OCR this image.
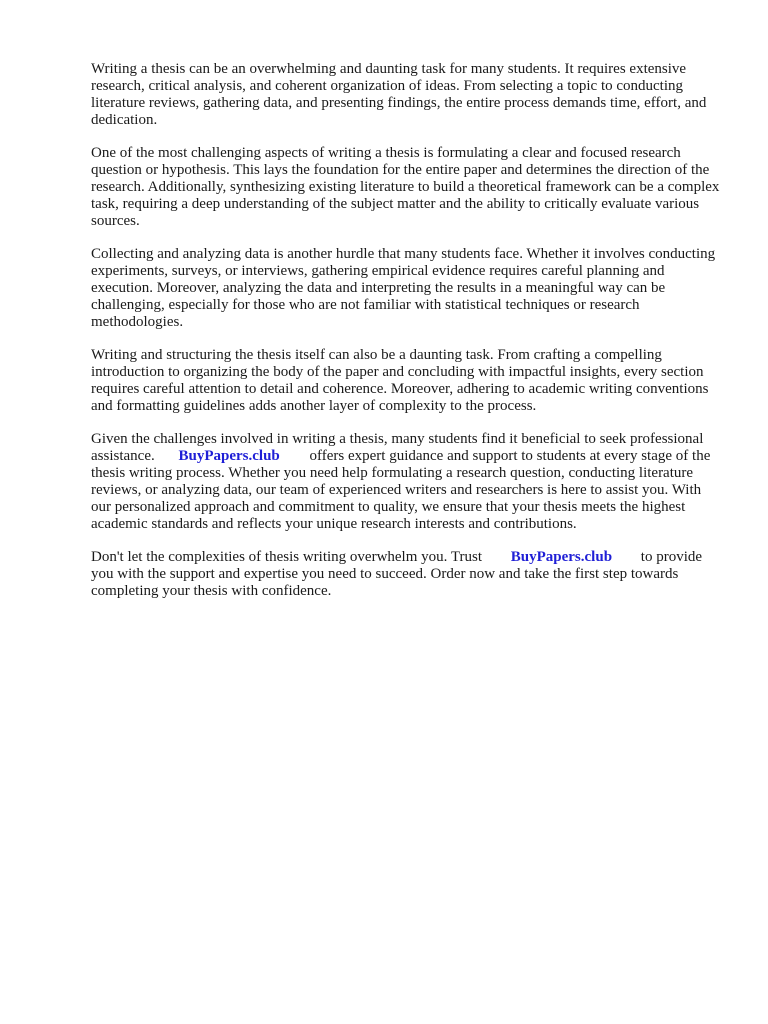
Writing a thesis can be an overwhelming and daunting task for many students. It requires extensive research, critical analysis, and coherent organization of ideas. From selecting a topic to conducting literature reviews, gathering data, and presenting findings, the entire process demands time, effort, and dedication.

One of the most challenging aspects of writing a thesis is formulating a clear and focused research question or hypothesis. This lays the foundation for the entire paper and determines the direction of the research. Additionally, synthesizing existing literature to build a theoretical framework can be a complex task, requiring a deep understanding of the subject matter and the ability to critically evaluate various sources.

Collecting and analyzing data is another hurdle that many students face. Whether it involves conducting experiments, surveys, or interviews, gathering empirical evidence requires careful planning and execution. Moreover, analyzing the data and interpreting the results in a meaningful way can be challenging, especially for those who are not familiar with statistical techniques or research methodologies.

Writing and structuring the thesis itself can also be a daunting task. From crafting a compelling introduction to organizing the body of the paper and concluding with impactful insights, every section requires careful attention to detail and coherence. Moreover, adhering to academic writing conventions and formatting guidelines adds another layer of complexity to the process.

Given the challenges involved in writing a thesis, many students find it beneficial to seek professional assistance. BuyPapers.club offers expert guidance and support to students at every stage of the thesis writing process. Whether you need help formulating a research question, conducting literature reviews, or analyzing data, our team of experienced writers and researchers is here to assist you. With our personalized approach and commitment to quality, we ensure that your thesis meets the highest academic standards and reflects your unique research interests and contributions.

Don't let the complexities of thesis writing overwhelm you. Trust BuyPapers.club to provide you with the support and expertise you need to succeed. Order now and take the first step towards completing your thesis with confidence.
